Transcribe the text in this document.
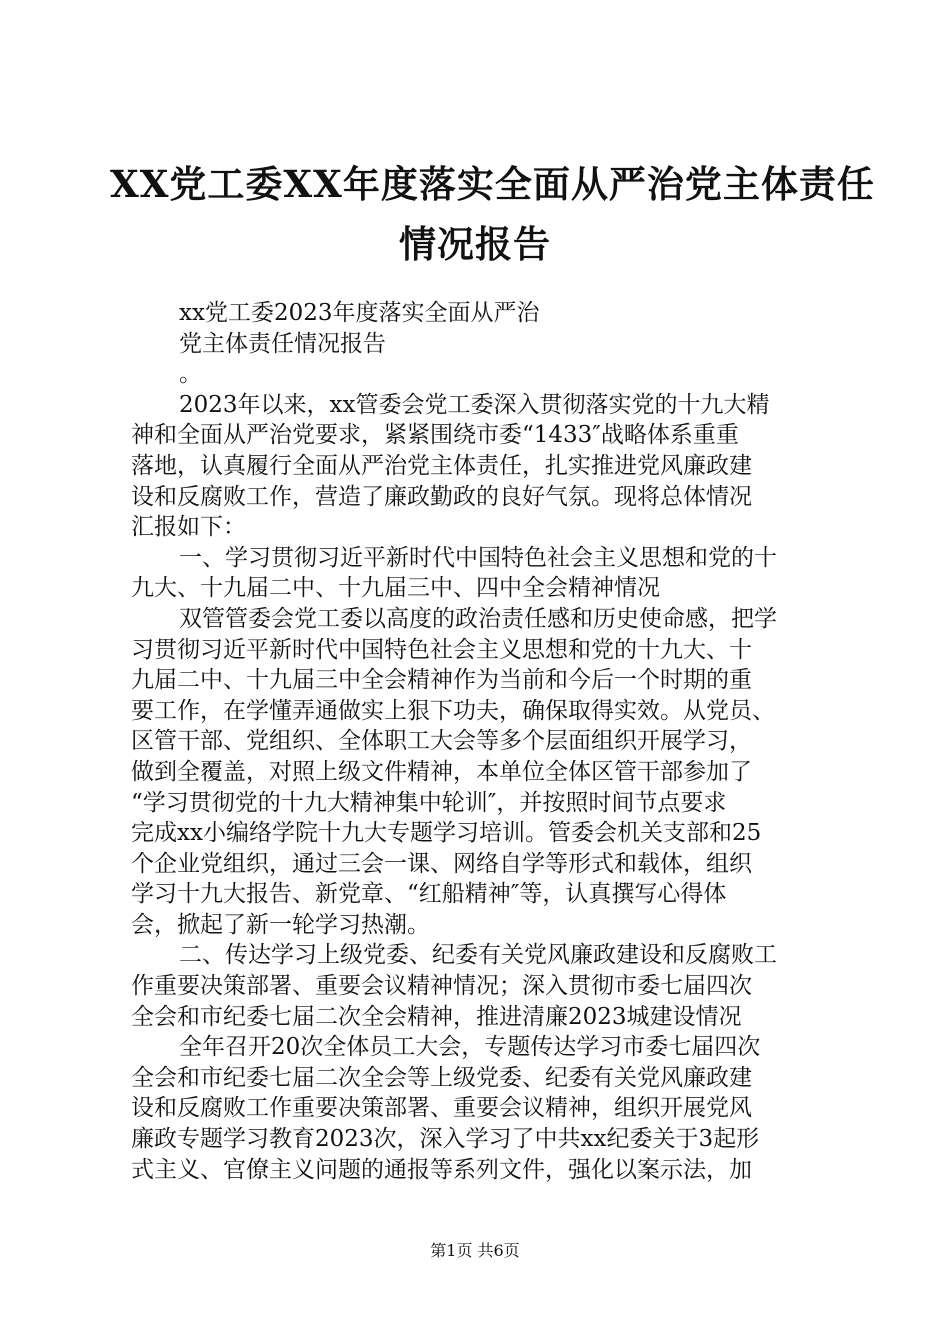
XX党工委XX年度落实全面从严治党主体责任
情况报告
xx党工委2023年度落实全面从严治
党主体责任情况报告
。
2023年以来，xx管委会党工委深入贯彻落实党的十九大精
神和全面从严治党要求，紧紧围绕市委“1433″战略体系重重
落地，认真履行全面从严治党主体责任，扎实推进党风廉政建
设和反腐败工作，营造了廉政勤政的良好气氛。现将总体情况
汇报如下：
一、学习贯彻习近平新时代中国特色社会主义思想和党的十
九大、十九届二中、十九届三中、四中全会精神情况
双管管委会党工委以高度的政治责任感和历史使命感，把学
习贯彻习近平新时代中国特色社会主义思想和党的十九大、十
九届二中、十九届三中全会精神作为当前和今后一个时期的重
要工作，在学懂弄通做实上狠下功夫，确保取得实效。从党员、
区管干部、党组织、全体职工大会等多个层面组织开展学习，
做到全覆盖，对照上级文件精神，本单位全体区管干部参加了
“学习贯彻党的十九大精神集中轮训″，并按照时间节点要求
完成xx小编络学院十九大专题学习培训。管委会机关支部和25
个企业党组织，通过三会一课、网络自学等形式和载体，组织
学习十九大报告、新党章、“红船精神″等，认真撰写心得体
会，掀起了新一轮学习热潮。
二、传达学习上级党委、纪委有关党风廉政建设和反腐败工
作重要决策部署、重要会议精神情况；深入贯彻市委七届四次
全会和市纪委七届二次全会精神，推进清廉2023城建设情况
全年召开20次全体员工大会，专题传达学习市委七届四次
全会和市纪委七届二次全会等上级党委、纪委有关党风廉政建
设和反腐败工作重要决策部署、重要会议精神，组织开展党风
廉政专题学习教育2023次，深入学习了中共xx纪委关于3起形
式主义、官僚主义问题的通报等系列文件，强化以案示法，加
第1页 共6页
